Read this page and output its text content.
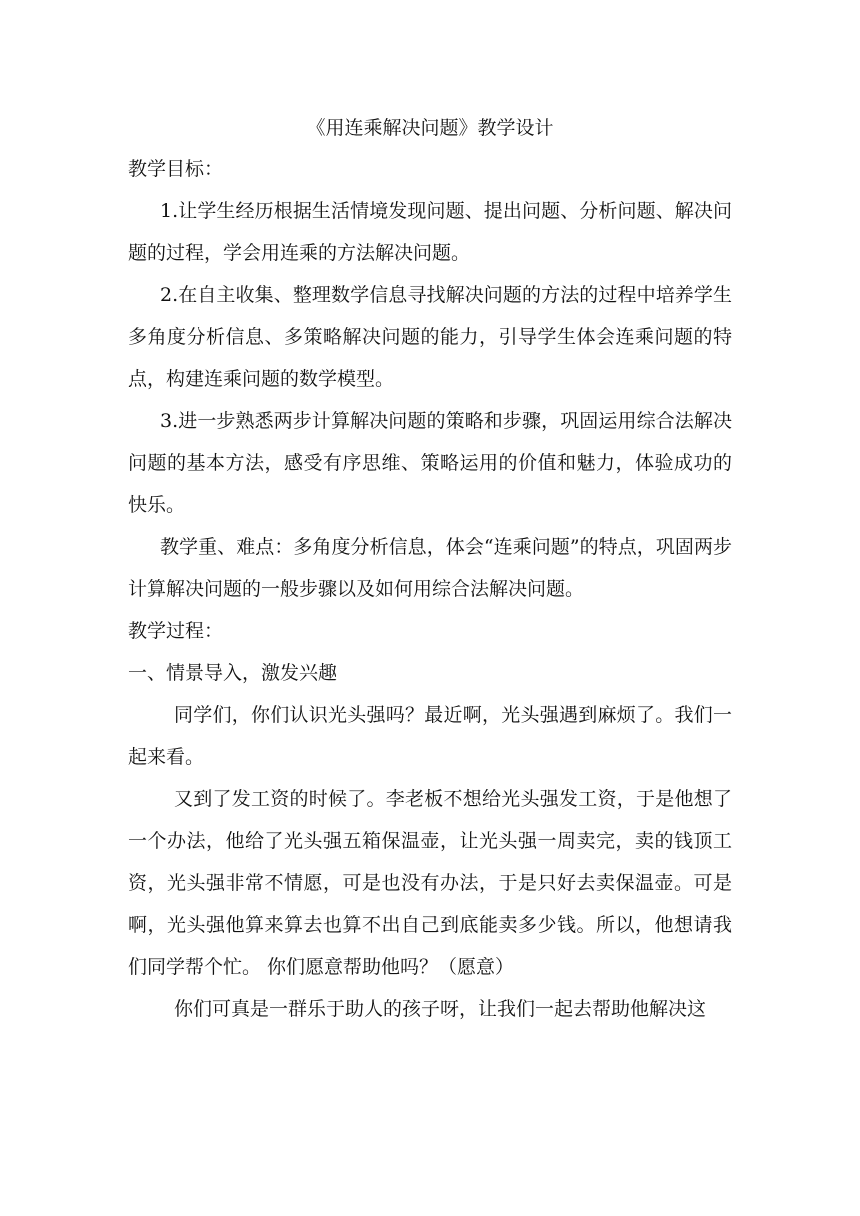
《用连乘解决问题》教学设计

教学目标：

1.让学生经历根据生活情境发现问题、提出问题、分析问题、解决问题的过程，学会用连乘的方法解决问题。

2.在自主收集、整理数学信息寻找解决问题的方法的过程中培养学生多角度分析信息、多策略解决问题的能力，引导学生体会连乘问题的特点，构建连乘问题的数学模型。

3.进一步熟悉两步计算解决问题的策略和步骤，巩固运用综合法解决问题的基本方法，感受有序思维、策略运用的价值和魅力，体验成功的快乐。

教学重、难点：多角度分析信息，体会“连乘问题”的特点，巩固两步计算解决问题的一般步骤以及如何用综合法解决问题。

教学过程：

一、情景导入，激发兴趣

同学们，你们认识光头强吗？最近啊，光头强遇到麻烦了。我们一起来看。

又到了发工资的时候了。李老板不想给光头强发工资，于是他想了一个办法，他给了光头强五箱保温壶，让光头强一周卖完，卖的钱顶工资，光头强非常不情愿，可是也没有办法，于是只好去卖保温壶。可是啊，光头强他算来算去也算不出自己到底能卖多少钱。所以，他想请我们同学帮个忙。 你们愿意帮助他吗？（愿意）

你们可真是一群乐于助人的孩子呀，让我们一起去帮助他解决这
